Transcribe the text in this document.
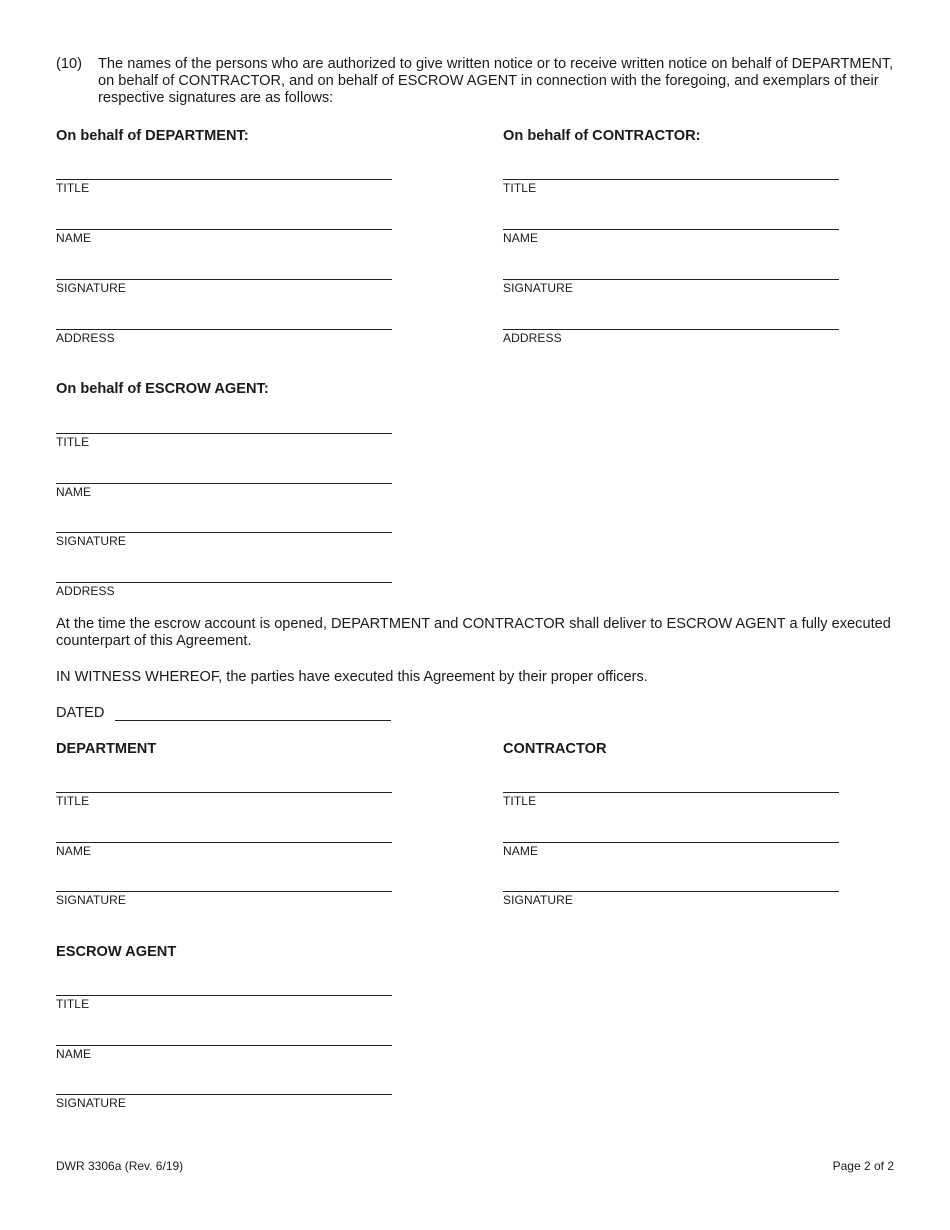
(10)	The names of the persons who are authorized to give written notice or to receive written notice on behalf of DEPARTMENT, on behalf of CONTRACTOR, and on behalf of ESCROW AGENT in connection with the foregoing, and exemplars of their respective signatures are as follows:
On behalf of DEPARTMENT:
TITLE
NAME
SIGNATURE
ADDRESS
On behalf of CONTRACTOR:
TITLE
NAME
SIGNATURE
ADDRESS
On behalf of ESCROW AGENT:
TITLE
NAME
SIGNATURE
ADDRESS
At the time the escrow account is opened, DEPARTMENT and CONTRACTOR shall deliver to ESCROW AGENT a fully executed counterpart of this Agreement.
IN WITNESS WHEREOF, the parties have executed this Agreement by their proper officers.
DATED
DEPARTMENT
TITLE
NAME
SIGNATURE
CONTRACTOR
TITLE
NAME
SIGNATURE
ESCROW AGENT
TITLE
NAME
SIGNATURE
DWR 3306a (Rev. 6/19)	Page 2 of 2
